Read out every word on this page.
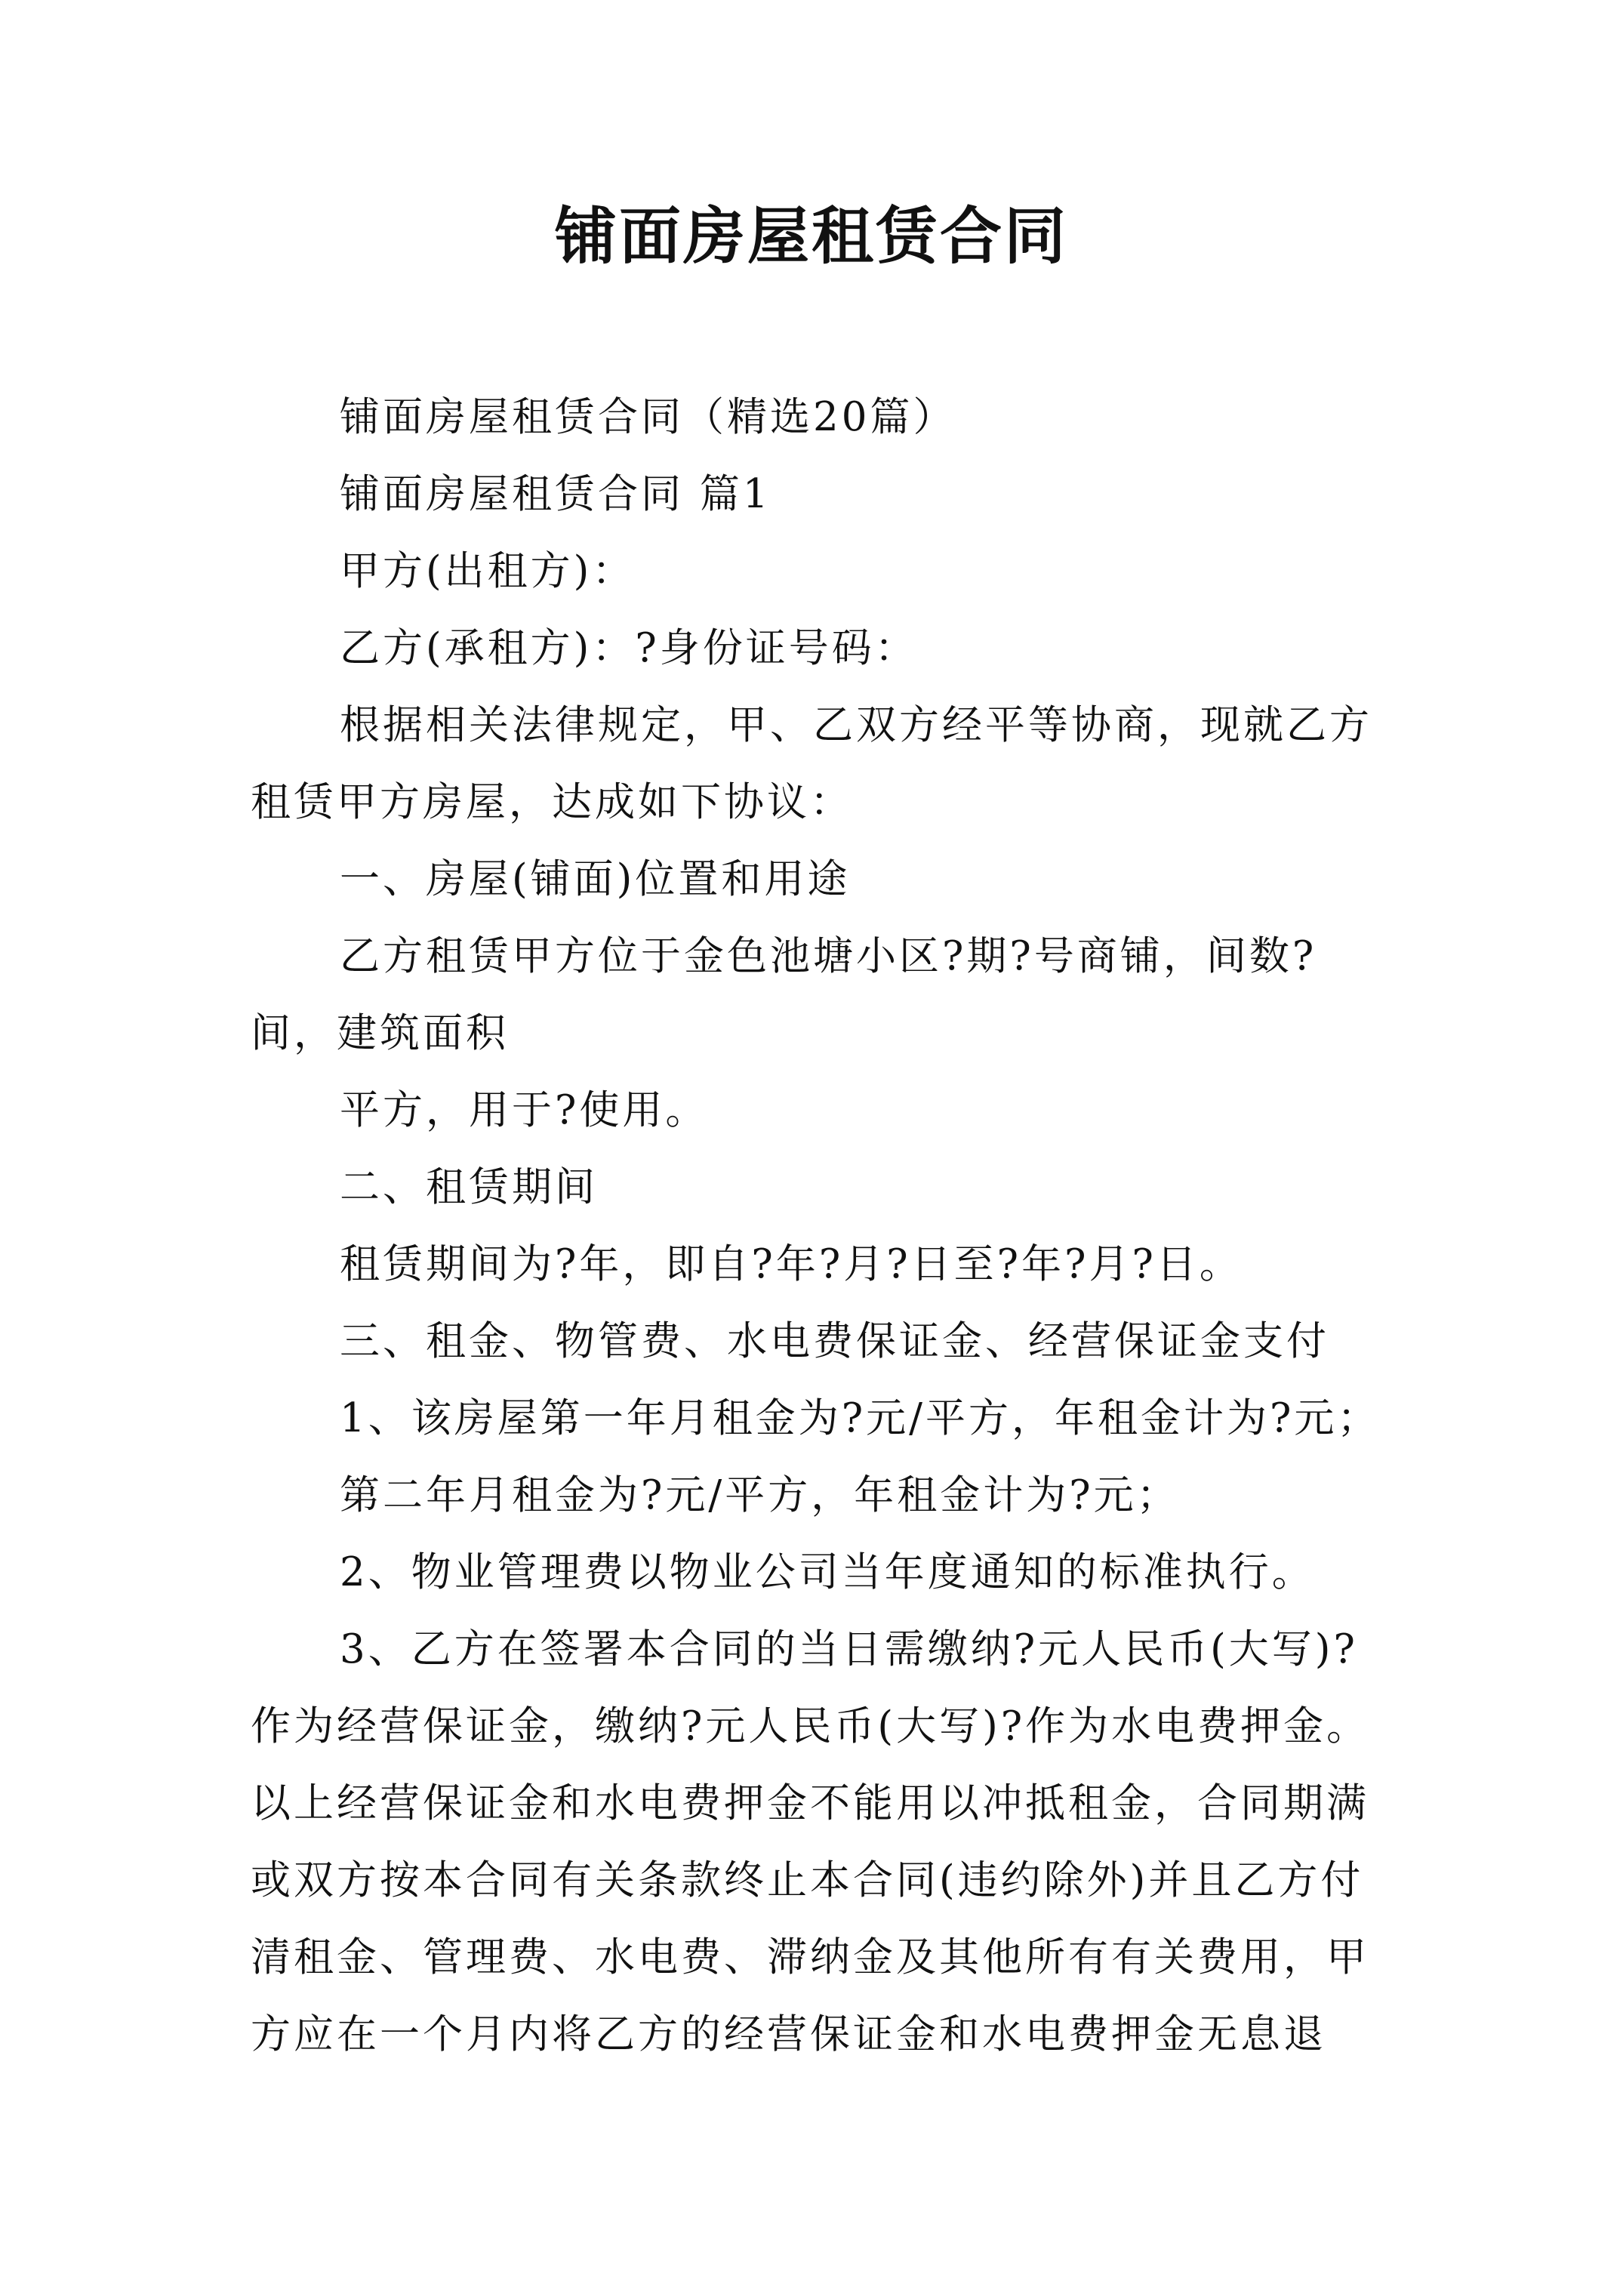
铺面房屋租赁合同

铺面房屋租赁合同（精选20篇）

铺面房屋租赁合同 篇1

甲方(出租方)：

乙方(承租方)：?身份证号码：

根据相关法律规定，甲、乙双方经平等协商，现就乙方租赁甲方房屋，达成如下协议：

一、房屋(铺面)位置和用途

乙方租赁甲方位于金色池塘小区?期?号商铺，间数?间，建筑面积

平方，用于?使用。

二、租赁期间

租赁期间为?年，即自?年?月?日至?年?月?日。

三、租金、物管费、水电费保证金、经营保证金支付

1、该房屋第一年月租金为?元/平方，年租金计为?元；

第二年月租金为?元/平方，年租金计为?元；

2、物业管理费以物业公司当年度通知的标准执行。

3、乙方在签署本合同的当日需缴纳?元人民币(大写)?作为经营保证金，缴纳?元人民币(大写)?作为水电费押金。以上经营保证金和水电费押金不能用以冲抵租金，合同期满或双方按本合同有关条款终止本合同(违约除外)并且乙方付清租金、管理费、水电费、滞纳金及其他所有有关费用，甲方应在一个月内将乙方的经营保证金和水电费押金无息退
